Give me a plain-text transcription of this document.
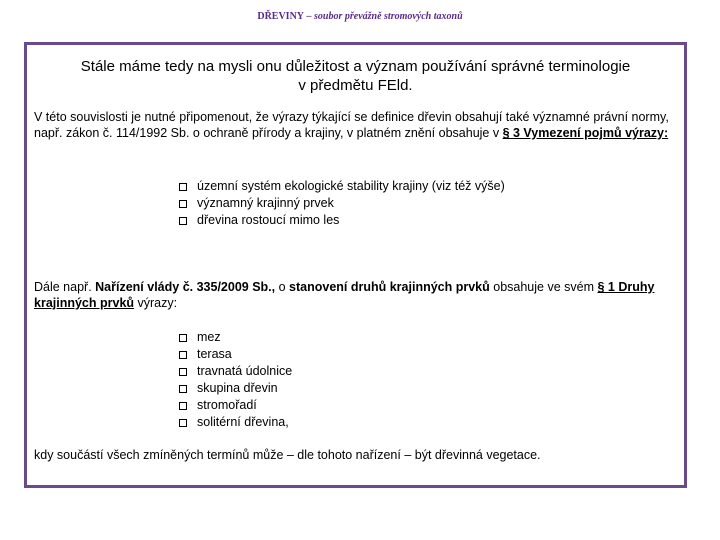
DŘEVINY – soubor převážně stromových taxonů
Stále máme tedy na mysli onu důležitost a význam používání správné terminologie
v předmětu FEld.
V této souvislosti je nutné připomenout, že výrazy týkající se definice dřevin obsahují také významné právní normy, např. zákon č. 114/1992 Sb. o ochraně přírody a krajiny, v platném znění obsahuje v § 3 Vymezení pojmů výrazy:
územní systém ekologické stability krajiny (viz též výše)
významný krajinný prvek
dřevina rostoucí mimo les
Dále např. Nařízení vlády č. 335/2009 Sb., o stanovení druhů krajinných prvků obsahuje ve svém § 1 Druhy krajinných prvků výrazy:
mez
terasa
travnatá údolnice
skupina dřevin
stromořadí
solitérní dřevina,
kdy součástí všech zmíněných termínů může – dle tohoto nařízení – být dřevinná vegetace.
